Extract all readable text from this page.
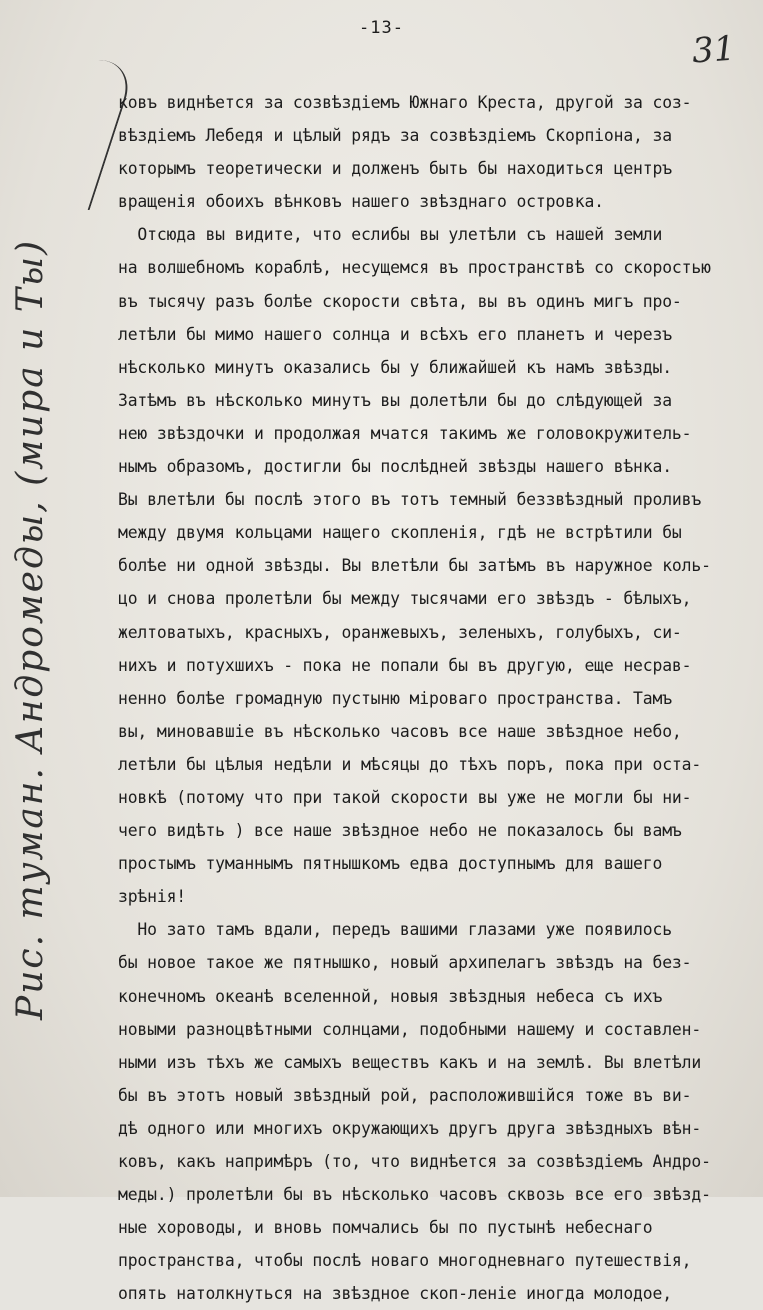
-13-
31
Рис. туман. Андромеды, (мира и Ты)
ковъ виднѣется за созвѣздіемъ Южнаго Креста, другой за соз-
вѣздіемъ Лебедя и цѣлый рядъ за созвѣздіемъ Скорпіона, за
которымъ теоретически и долженъ быть бы находиться центръ
вращенія обоихъ вѣнковъ нашего звѣзднаго островка.
Отсюда вы видите, что еслибы вы улетѣли съ нашей земли
на волшебномъ кораблѣ, несущемся въ пространствѣ со скоростью
въ тысячу разъ болѣе скорости свѣта, вы въ одинъ мигъ про-
летѣли бы мимо нашего солнца и всѣхъ его планетъ и черезъ
нѣсколько минутъ оказались бы у ближайшей къ намъ звѣзды.
Затѣмъ въ нѣсколько минутъ вы долетѣли бы до слѣдующей за
нею звѣздочки и продолжая мчатся такимъ же головокружитель-
нымъ образомъ, достигли бы послѣдней звѣзды нашего вѣнка.
Вы влетѣли бы послѣ этого въ тотъ темный беззвѣздный проливъ
между двумя кольцами нащего скопленія, гдѣ не встрѣтили бы
болѣе ни одной звѣзды. Вы влетѣли бы затѣмъ въ наружное коль-
цо и снова пролетѣли бы между тысячами его звѣздъ - бѣлыхъ,
желтоватыхъ, красныхъ, оранжевыхъ, зеленыхъ, голубыхъ, си-
нихъ и потухшихъ - пока не попали бы въ другую, еще несрав-
ненно болѣе громадную пустыню міроваго пространства. Тамъ
вы, миновавшіе въ нѣсколько часовъ все наше звѣздное небо,
летѣли бы цѣлыя недѣли и мѣсяцы до тѣхъ поръ, пока при оста-
новкѣ (потому что при такой скорости вы уже не могли бы ни-
чего видѣть ) все наше звѣздное небо не показалось бы вамъ
простымъ туманнымъ пятнышкомъ едва доступнымъ для вашего
зрѣнія!
Но зато тамъ вдали, передъ вашими глазами уже появилось
бы новое такое же пятнышко, новый архипелагъ звѣздъ на без-
конечномъ океанѣ вселенной, новыя звѣздныя небеса съ ихъ
новыми разноцвѣтными солнцами, подобными нашему и составлен-
ными изъ тѣхъ же самыхъ веществъ какъ и на землѣ. Вы влетѣли
бы въ этотъ новый звѣздный рой, расположившійся тоже въ ви-
дѣ одного или многихъ окружающихъ другъ друга звѣздныхъ вѣн-
ковъ, какъ напримѣръ (то, что виднѣется за созвѣздіемъ Андро-
меды.) пролетѣли бы въ нѣсколько часовъ сквозь все его звѣзд-
ные хороводы, и вновь помчались бы по пустынѣ небеснаго
пространства, чтобы послѣ новаго многодневнаго путешествія,
опять натолкнуться на звѣздное скоп-леніе иногда молодое,
